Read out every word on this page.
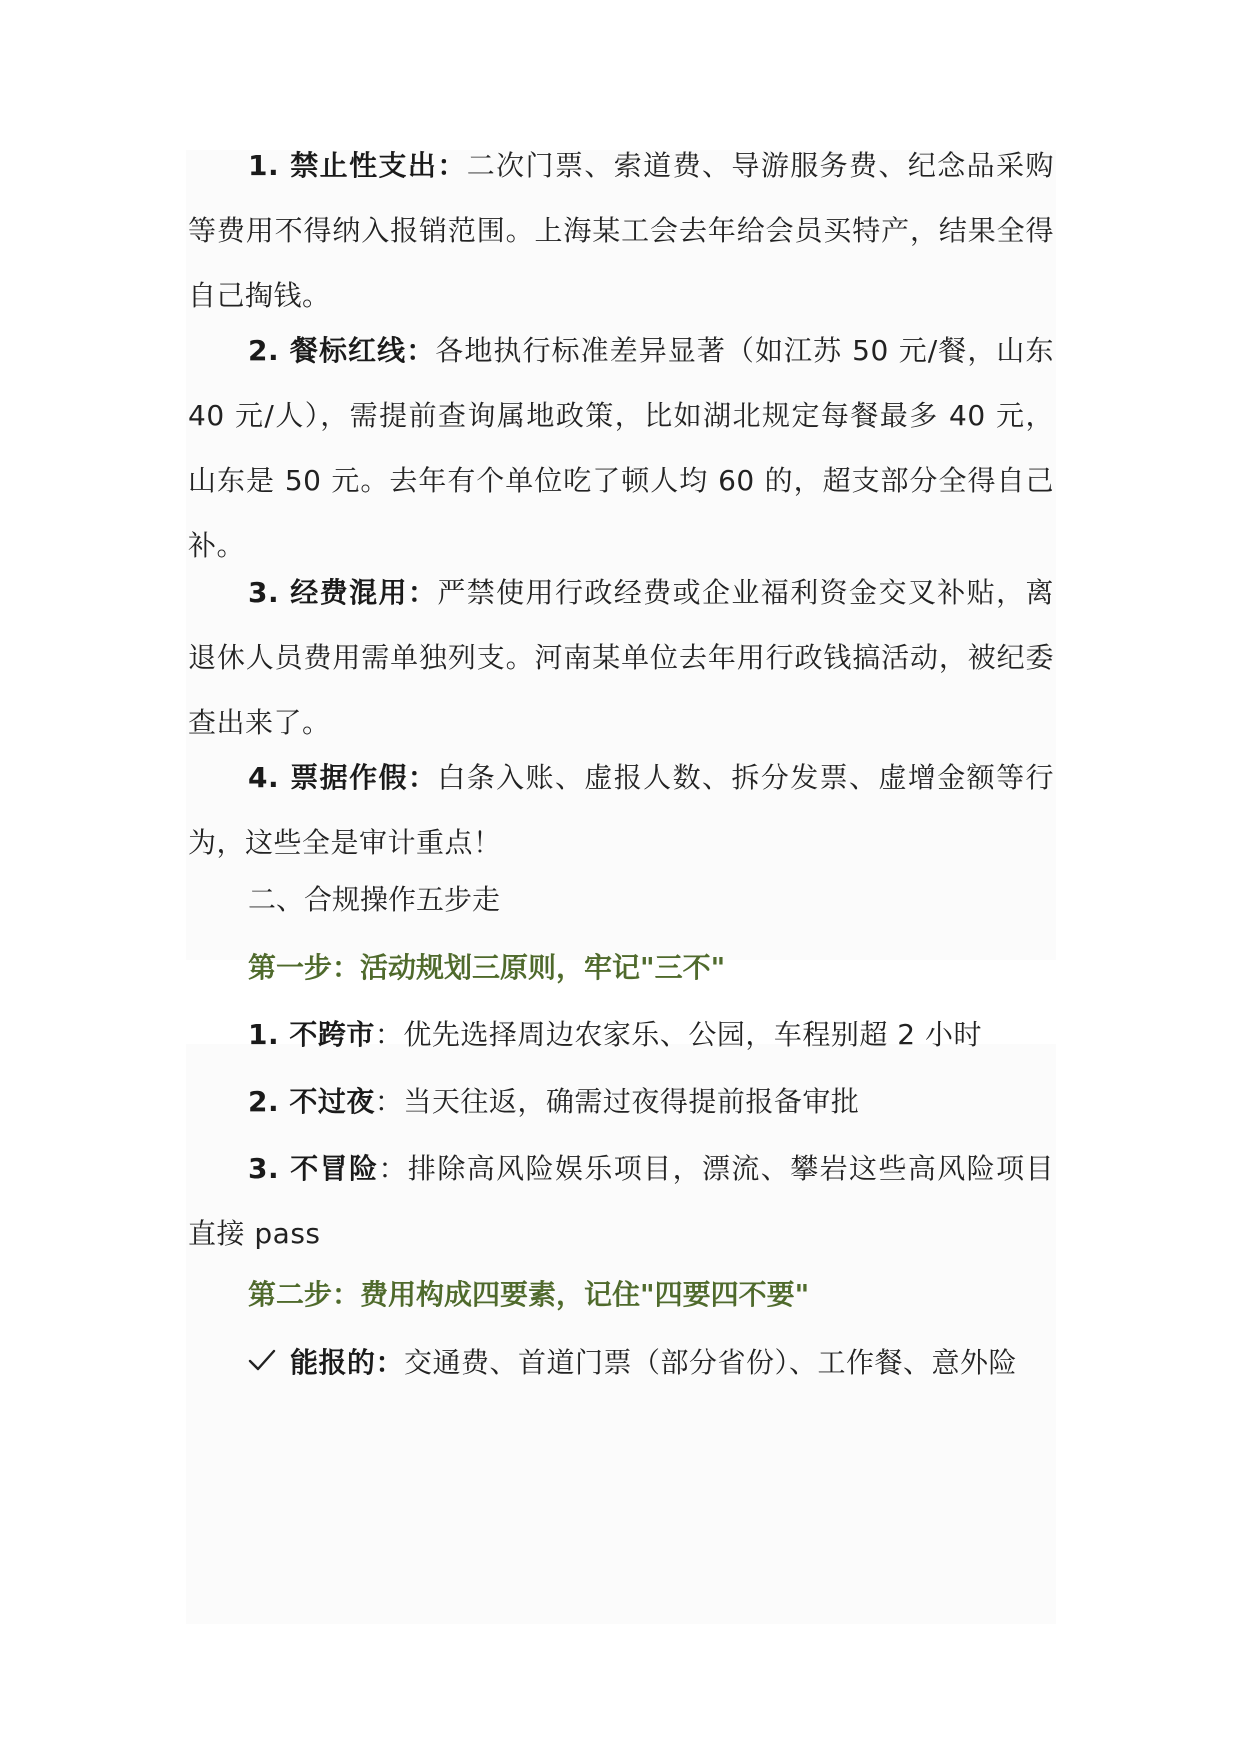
1. 禁止性支出：二次门票、索道费、导游服务费、纪念品采购等费用不得纳入报销范围。上海某工会去年给会员买特产，结果全得自己掏钱。

2. 餐标红线：各地执行标准差异显著（如江苏 50 元/餐，山东 40 元/人），需提前查询属地政策，比如湖北规定每餐最多 40 元，山东是 50 元。去年有个单位吃了顿人均 60 的，超支部分全得自己补。

3. 经费混用：严禁使用行政经费或企业福利资金交叉补贴，离退休人员费用需单独列支。河南某单位去年用行政钱搞活动，被纪委查出来了。

4. 票据作假：白条入账、虚报人数、拆分发票、虚增金额等行为，这些全是审计重点！

二、合规操作五步走

第一步：活动规划三原则，牢记"三不"

1. 不跨市：优先选择周边农家乐、公园，车程别超 2 小时

2. 不过夜：当天往返，确需过夜得提前报备审批

3. 不冒险：排除高风险娱乐项目，漂流、攀岩这些高风险项目直接 pass

第二步：费用构成四要素，记住"四要四不要"

能报的：交通费、首道门票（部分省份）、工作餐、意外险
